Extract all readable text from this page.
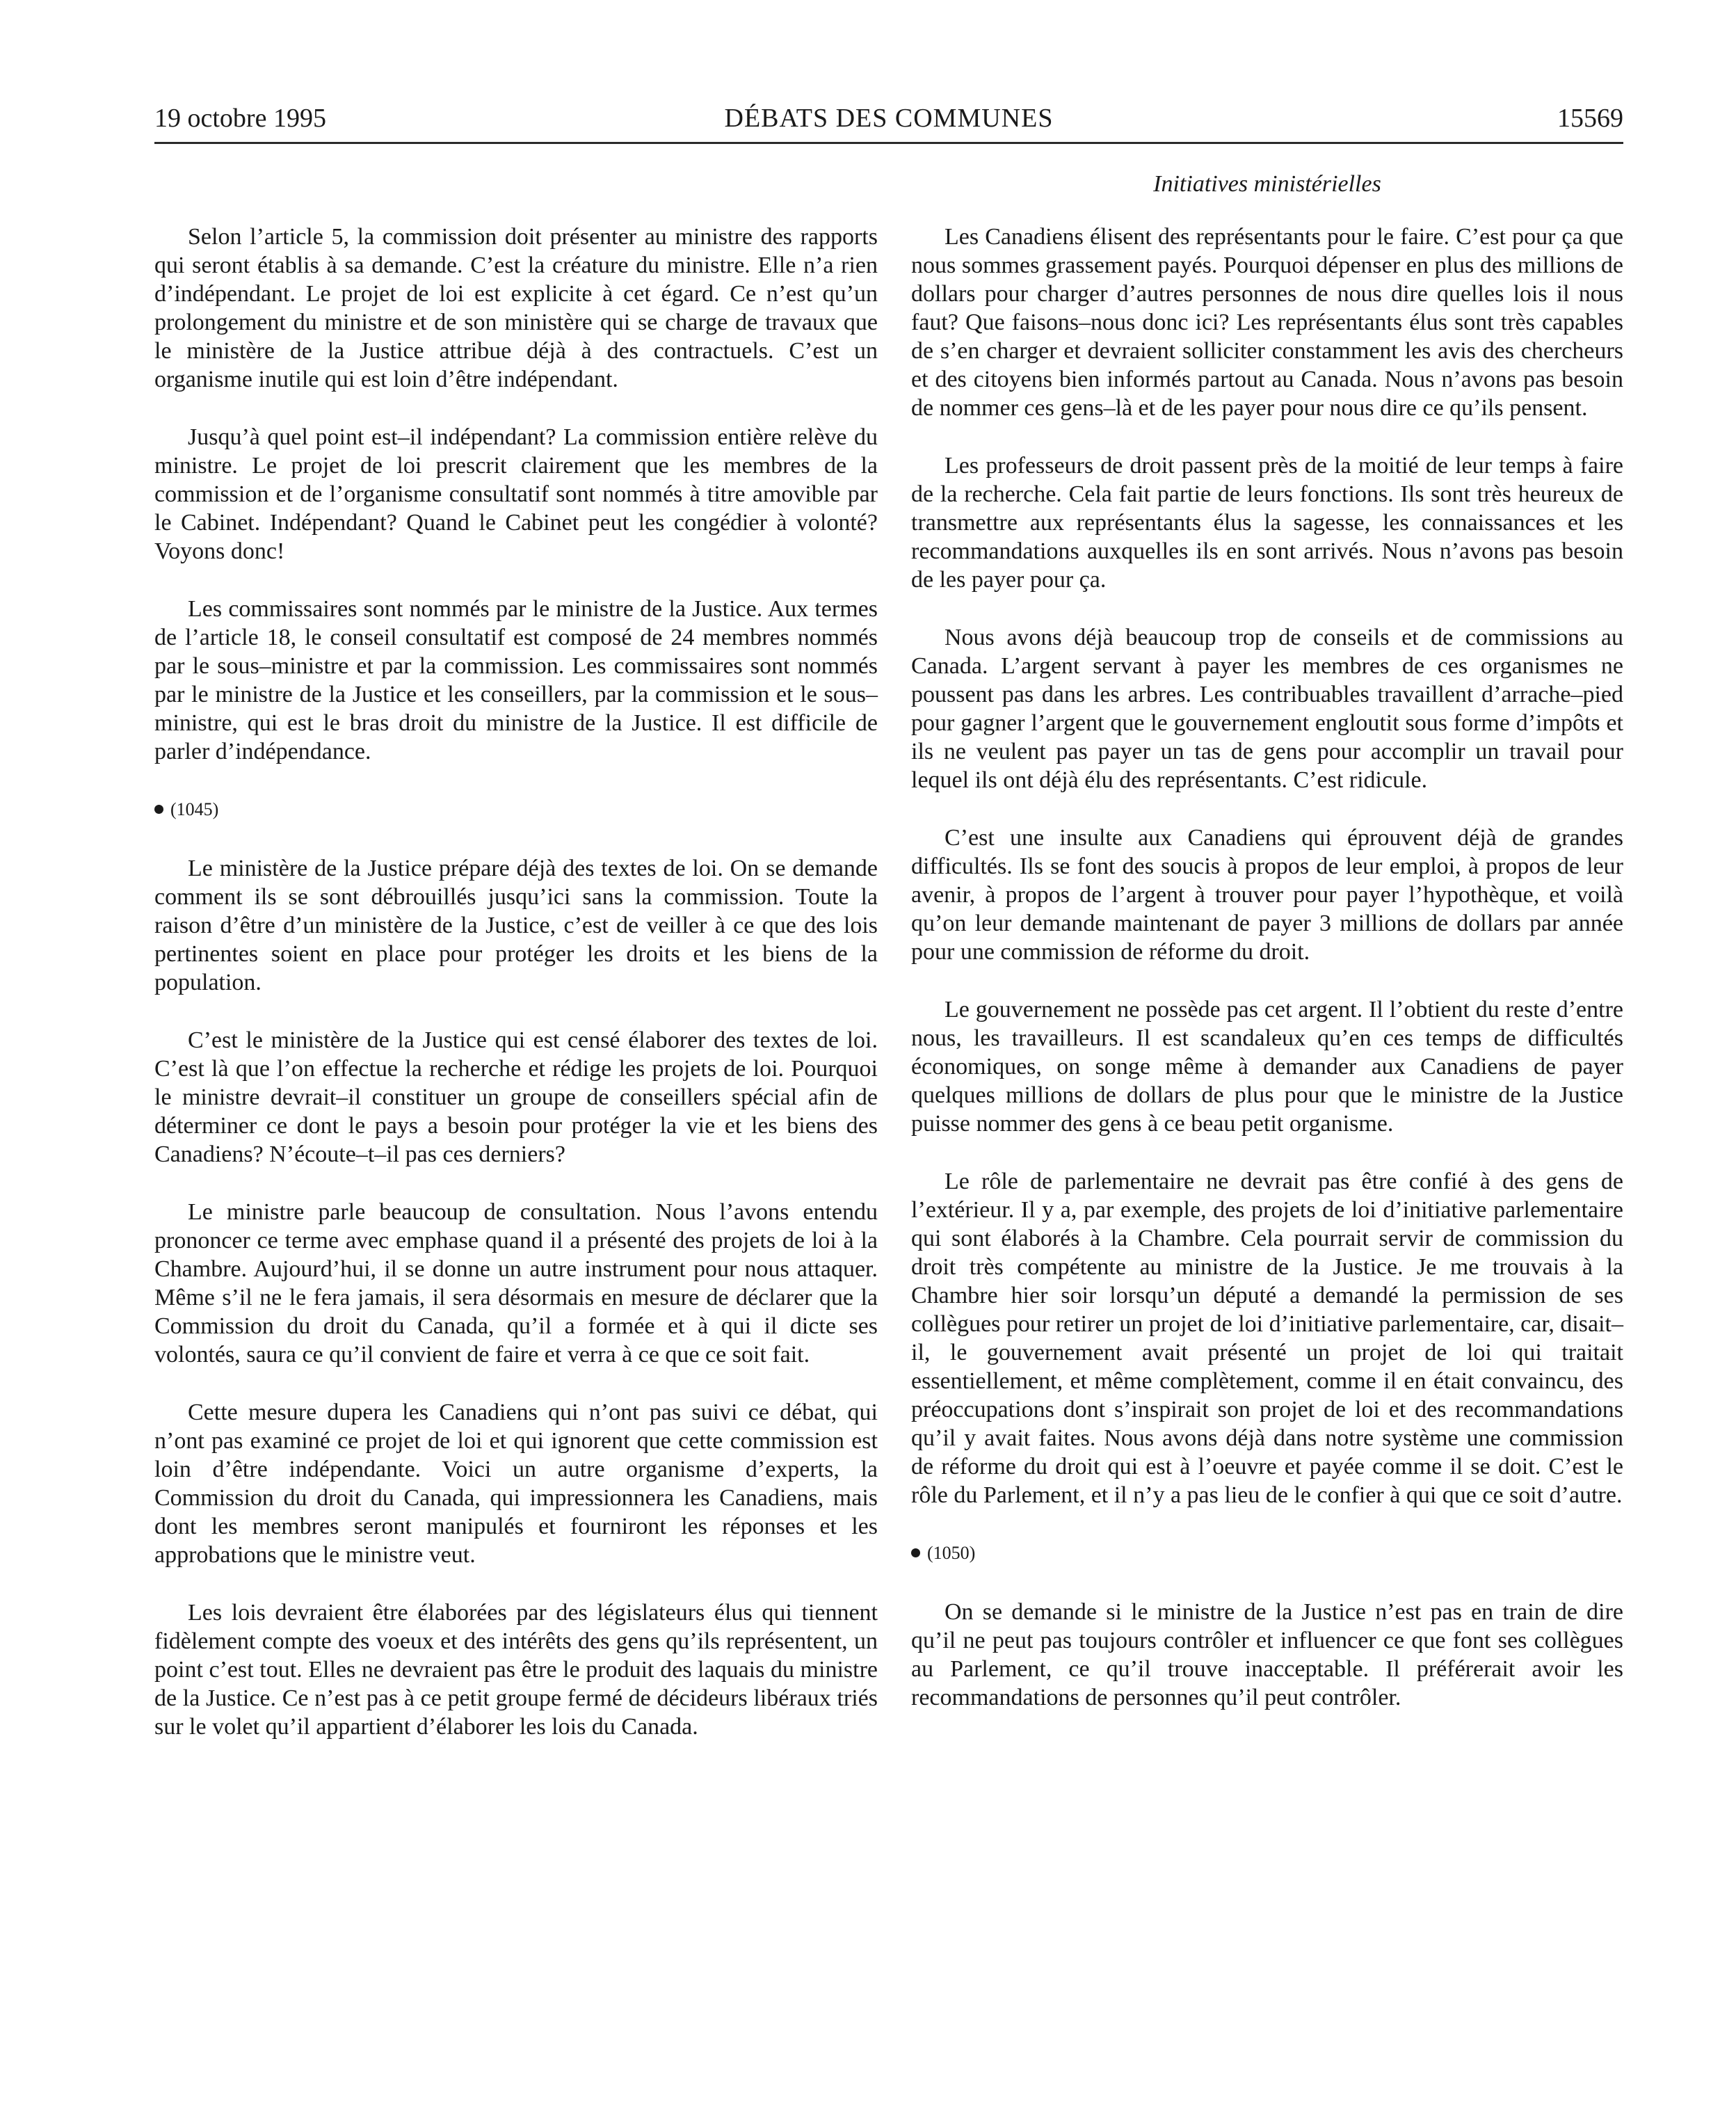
19 octobre 1995	DÉBATS DES COMMUNES	15569
Initiatives ministérielles

Selon l’article 5, la commission doit présenter au ministre des rapports qui seront établis à sa demande. C’est la créature du ministre. Elle n’a rien d’indépendant. Le projet de loi est explicite à cet égard. Ce n’est qu’un prolongement du ministre et de son ministère qui se charge de travaux que le ministère de la Justice attribue déjà à des contractuels. C’est un organisme inutile qui est loin d’être indépendant.

Jusqu’à quel point est–il indépendant? La commission entière relève du ministre. Le projet de loi prescrit clairement que les membres de la commission et de l’organisme consultatif sont nommés à titre amovible par le Cabinet. Indépendant? Quand le Cabinet peut les congédier à volonté? Voyons donc!

Les commissaires sont nommés par le ministre de la Justice. Aux termes de l’article 18, le conseil consultatif est composé de 24 membres nommés par le sous–ministre et par la commission. Les commissaires sont nommés par le ministre de la Justice et les conseillers, par la commission et le sous–ministre, qui est le bras droit du ministre de la Justice. Il est difficile de parler d’indépendance.

(1045)

Le ministère de la Justice prépare déjà des textes de loi. On se demande comment ils se sont débrouillés jusqu’ici sans la commission. Toute la raison d’être d’un ministère de la Justice, c’est de veiller à ce que des lois pertinentes soient en place pour protéger les droits et les biens de la population.

C’est le ministère de la Justice qui est censé élaborer des textes de loi. C’est là que l’on effectue la recherche et rédige les projets de loi. Pourquoi le ministre devrait–il constituer un groupe de conseillers spécial afin de déterminer ce dont le pays a besoin pour protéger la vie et les biens des Canadiens? N’écoute–t–il pas ces derniers?

Le ministre parle beaucoup de consultation. Nous l’avons entendu prononcer ce terme avec emphase quand il a présenté des projets de loi à la Chambre. Aujourd’hui, il se donne un autre instrument pour nous attaquer. Même s’il ne le fera jamais, il sera désormais en mesure de déclarer que la Commission du droit du Canada, qu’il a formée et à qui il dicte ses volontés, saura ce qu’il convient de faire et verra à ce que ce soit fait.

Cette mesure dupera les Canadiens qui n’ont pas suivi ce débat, qui n’ont pas examiné ce projet de loi et qui ignorent que cette commission est loin d’être indépendante. Voici un autre organisme d’experts, la Commission du droit du Canada, qui impressionnera les Canadiens, mais dont les membres seront manipulés et fourniront les réponses et les approbations que le ministre veut.

Les lois devraient être élaborées par des législateurs élus qui tiennent fidèlement compte des voeux et des intérêts des gens qu’ils représentent, un point c’est tout. Elles ne devraient pas être le produit des laquais du ministre de la Justice. Ce n’est pas à ce petit groupe fermé de décideurs libéraux triés sur le volet qu’il appartient d’élaborer les lois du Canada.

Les Canadiens élisent des représentants pour le faire. C’est pour ça que nous sommes grassement payés. Pourquoi dépenser en plus des millions de dollars pour charger d’autres personnes de nous dire quelles lois il nous faut? Que faisons–nous donc ici? Les représentants élus sont très capables de s’en charger et devraient solliciter constamment les avis des chercheurs et des citoyens bien informés partout au Canada. Nous n’avons pas besoin de nommer ces gens–là et de les payer pour nous dire ce qu’ils pensent.

Les professeurs de droit passent près de la moitié de leur temps à faire de la recherche. Cela fait partie de leurs fonctions. Ils sont très heureux de transmettre aux représentants élus la sagesse, les connaissances et les recommandations auxquelles ils en sont arrivés. Nous n’avons pas besoin de les payer pour ça.

Nous avons déjà beaucoup trop de conseils et de commissions au Canada. L’argent servant à payer les membres de ces organismes ne poussent pas dans les arbres. Les contribuables travaillent d’arrache–pied pour gagner l’argent que le gouvernement engloutit sous forme d’impôts et ils ne veulent pas payer un tas de gens pour accomplir un travail pour lequel ils ont déjà élu des représentants. C’est ridicule.

C’est une insulte aux Canadiens qui éprouvent déjà de grandes difficultés. Ils se font des soucis à propos de leur emploi, à propos de leur avenir, à propos de l’argent à trouver pour payer l’hypothèque, et voilà qu’on leur demande maintenant de payer 3 millions de dollars par année pour une commission de réforme du droit.

Le gouvernement ne possède pas cet argent. Il l’obtient du reste d’entre nous, les travailleurs. Il est scandaleux qu’en ces temps de difficultés économiques, on songe même à demander aux Canadiens de payer quelques millions de dollars de plus pour que le ministre de la Justice puisse nommer des gens à ce beau petit organisme.

Le rôle de parlementaire ne devrait pas être confié à des gens de l’extérieur. Il y a, par exemple, des projets de loi d’initiative parlementaire qui sont élaborés à la Chambre. Cela pourrait servir de commission du droit très compétente au ministre de la Justice. Je me trouvais à la Chambre hier soir lorsqu’un député a demandé la permission de ses collègues pour retirer un projet de loi d’initiative parlementaire, car, disait–il, le gouvernement avait présenté un projet de loi qui traitait essentiellement, et même complètement, comme il en était convaincu, des préoccupations dont s’inspirait son projet de loi et des recommandations qu’il y avait faites. Nous avons déjà dans notre système une commission de réforme du droit qui est à l’oeuvre et payée comme il se doit. C’est le rôle du Parlement, et il n’y a pas lieu de le confier à qui que ce soit d’autre.

(1050)

On se demande si le ministre de la Justice n’est pas en train de dire qu’il ne peut pas toujours contrôler et influencer ce que font ses collègues au Parlement, ce qu’il trouve inacceptable. Il préférerait avoir les recommandations de personnes qu’il peut contrôler.
